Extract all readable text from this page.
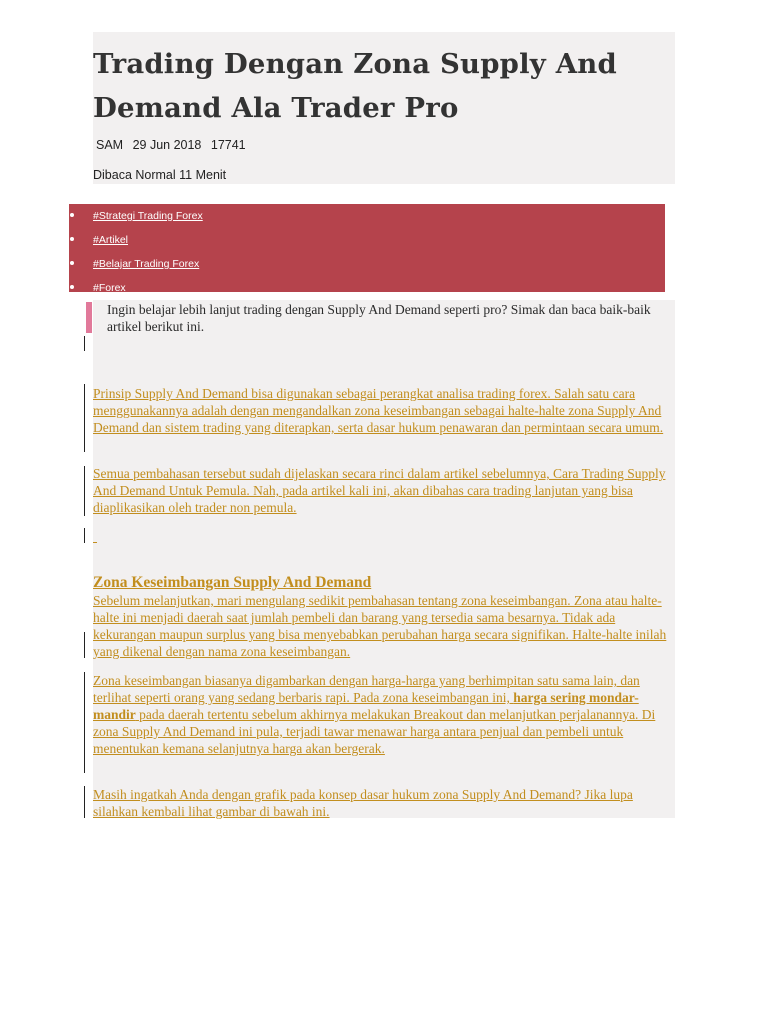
Trading Dengan Zona Supply And Demand Ala Trader Pro

SAM 29 Jun 2018 17741

Dibaca Normal 11 Menit

#Strategi Trading Forex
#Artikel
#Belajar Trading Forex
#Forex

Ingin belajar lebih lanjut trading dengan Supply And Demand seperti pro? Simak dan baca baik-baik artikel berikut ini.

Prinsip Supply And Demand bisa digunakan sebagai perangkat analisa trading forex. Salah satu cara menggunakannya adalah dengan mengandalkan zona keseimbangan sebagai halte-halte zona Supply And Demand dan sistem trading yang diterapkan, serta dasar hukum penawaran dan permintaan secara umum.

Semua pembahasan tersebut sudah dijelaskan secara rinci dalam artikel sebelumnya, Cara Trading Supply And Demand Untuk Pemula. Nah, pada artikel kali ini, akan dibahas cara trading lanjutan yang bisa diaplikasikan oleh trader non pemula.

Zona Keseimbangan Supply And Demand

Sebelum melanjutkan, mari mengulang sedikit pembahasan tentang zona keseimbangan. Zona atau halte-halte ini menjadi daerah saat jumlah pembeli dan barang yang tersedia sama besarnya. Tidak ada kekurangan maupun surplus yang bisa menyebabkan perubahan harga secara signifikan. Halte-halte inilah yang dikenal dengan nama zona keseimbangan.

Zona keseimbangan biasanya digambarkan dengan harga-harga yang berhimpitan satu sama lain, dan terlihat seperti orang yang sedang berbaris rapi. Pada zona keseimbangan ini, harga sering mondar-mandir pada daerah tertentu sebelum akhirnya melakukan Breakout dan melanjutkan perjalanannya. Di zona Supply And Demand ini pula, terjadi tawar menawar harga antara penjual dan pembeli untuk menentukan kemana selanjutnya harga akan bergerak.

Masih ingatkah Anda dengan grafik pada konsep dasar hukum zona Supply And Demand? Jika lupa silahkan kembali lihat gambar di bawah ini.
